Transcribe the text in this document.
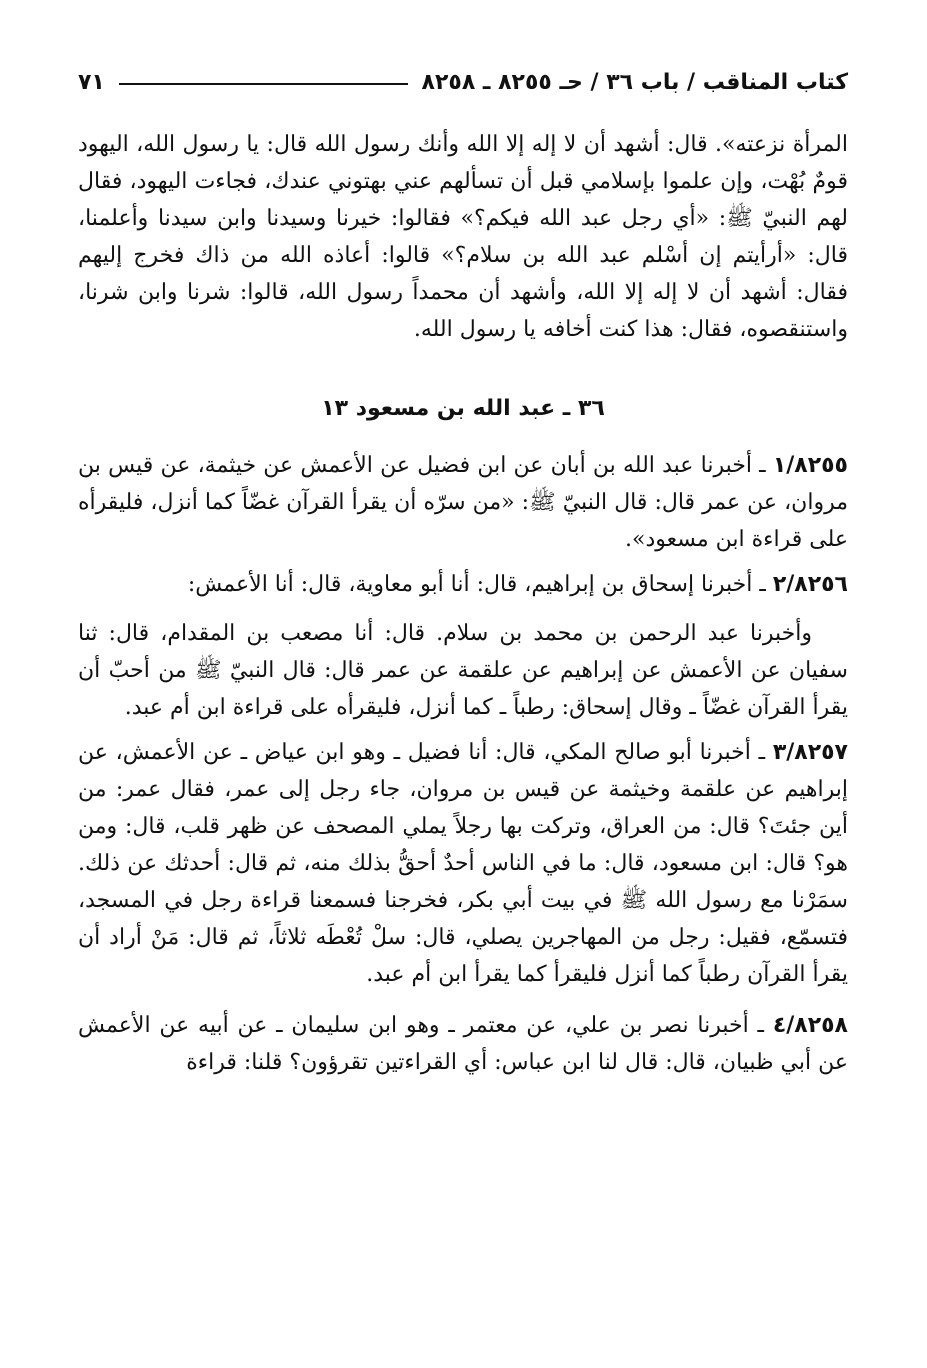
كتاب المناقب / باب ٣٦ / حـ ٨٢٥٥ ـ ٨٢٥٨
٧١

المرأة نزعته». قال: أشهد أن لا إله إلا الله وأنك رسول الله قال: يا رسول الله، اليهود قومٌ بُهْت، وإن علموا بإسلامي قبل أن تسألهم عني بهتوني عندك، فجاءت اليهود، فقال لهم النبيّ ﷺ: «أي رجل عبد الله فيكم؟» فقالوا: خيرنا وسيدنا وابن سيدنا وأعلمنا، قال: «أرأيتم إن أسْلم عبد الله بن سلام؟» قالوا: أعاذه الله من ذاك فخرج إليهم فقال: أشهد أن لا إله إلا الله، وأشهد أن محمداً رسول الله، قالوا: شرنا وابن شرنا، واستنقصوه، فقال: هذا كنت أخافه يا رسول الله.

٣٦ ـ عبد الله بن مسعود ١٣

١/٨٢٥٥ ـ أخبرنا عبد الله بن أبان عن ابن فضيل عن الأعمش عن خيثمة، عن قيس بن مروان، عن عمر قال: قال النبيّ ﷺ: «من سرّه أن يقرأ القرآن غضّاً كما أنزل، فليقرأه على قراءة ابن مسعود».

٢/٨٢٥٦ ـ أخبرنا إسحاق بن إبراهيم، قال: أنا أبو معاوية، قال: أنا الأعمش:

وأخبرنا عبد الرحمن بن محمد بن سلام. قال: أنا مصعب بن المقدام، قال: ثنا سفيان عن الأعمش عن إبراهيم عن علقمة عن عمر قال: قال النبيّ ﷺ من أحبّ أن يقرأ القرآن غضّاً ـ وقال إسحاق: رطباً ـ كما أنزل، فليقرأه على قراءة ابن أم عبد.

٣/٨٢٥٧ ـ أخبرنا أبو صالح المكي، قال: أنا فضيل ـ وهو ابن عياض ـ عن الأعمش، عن إبراهيم عن علقمة وخيثمة عن قيس بن مروان، جاء رجل إلى عمر، فقال عمر: من أين جئتَ؟ قال: من العراق، وتركت بها رجلاً يملي المصحف عن ظهر قلب، قال: ومن هو؟ قال: ابن مسعود، قال: ما في الناس أحدٌ أحقُّ بذلك منه، ثم قال: أحدثك عن ذلك. سمَرْنا مع رسول الله ﷺ في بيت أبي بكر، فخرجنا فسمعنا قراءة رجل في المسجد، فتسمّع، فقيل: رجل من المهاجرين يصلي، قال: سلْ تُعْطَه ثلاثاً، ثم قال: مَنْ أراد أن يقرأ القرآن رطباً كما أنزل فليقرأ كما يقرأ ابن أم عبد.

٤/٨٢٥٨ ـ أخبرنا نصر بن علي، عن معتمر ـ وهو ابن سليمان ـ عن أبيه عن الأعمش عن أبي ظبيان، قال: قال لنا ابن عباس: أي القراءتين تقرؤون؟ قلنا: قراءة
